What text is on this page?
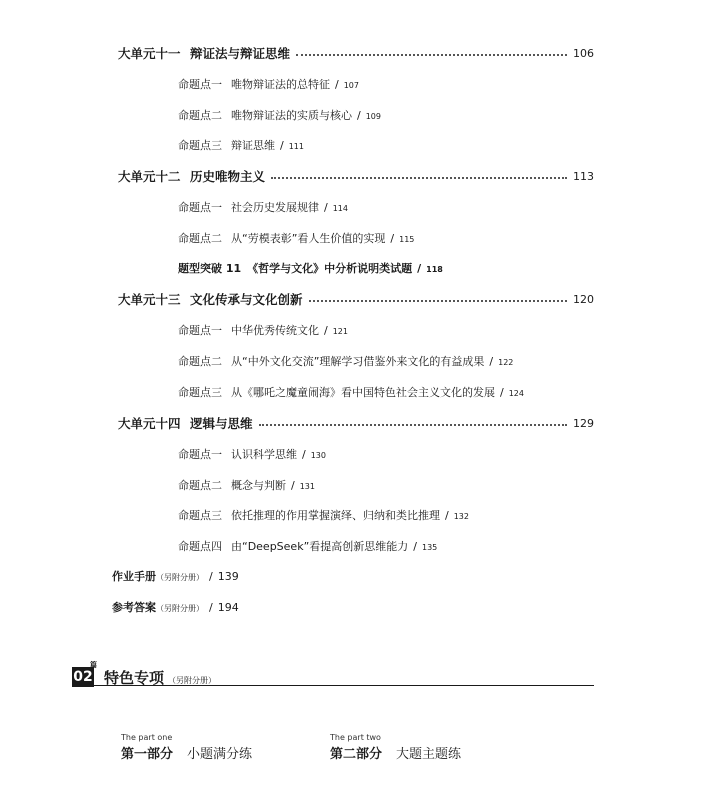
大单元十一 辩证法与辩证思维	106
命题点一 唯物辩证法的总特征 / 107
命题点二 唯物辩证法的实质与核心 / 109
命题点三 辩证思维 / 111
大单元十二 历史唯物主义	113
命题点一 社会历史发展规律 / 114
命题点二 从“劳模表彰”看人生价值的实现 / 115
题型突破 11 《哲学与文化》中分析说明类试题 / 118
大单元十三 文化传承与文化创新	120
命题点一 中华优秀传统文化 / 121
命题点二 从“中外文化交流”理解学习借鉴外来文化的有益成果 / 122
命题点三 从《哪吒之魔童闹海》看中国特色社会主义文化的发展 / 124
大单元十四 逻辑与思维	129
命题点一 认识科学思维 / 130
命题点二 概念与判断 / 131
命题点三 依托推理的作用掌握演绎、归纳和类比推理 / 132
命题点四 由“DeepSeek”看提高创新思维能力 / 135
作业手册 （另附分册） / 139
参考答案 （另附分册） / 194
02
篇
特色专项 （另附分册）
The part one
第一部分 小题满分练
The part two
第二部分 大题主题练
